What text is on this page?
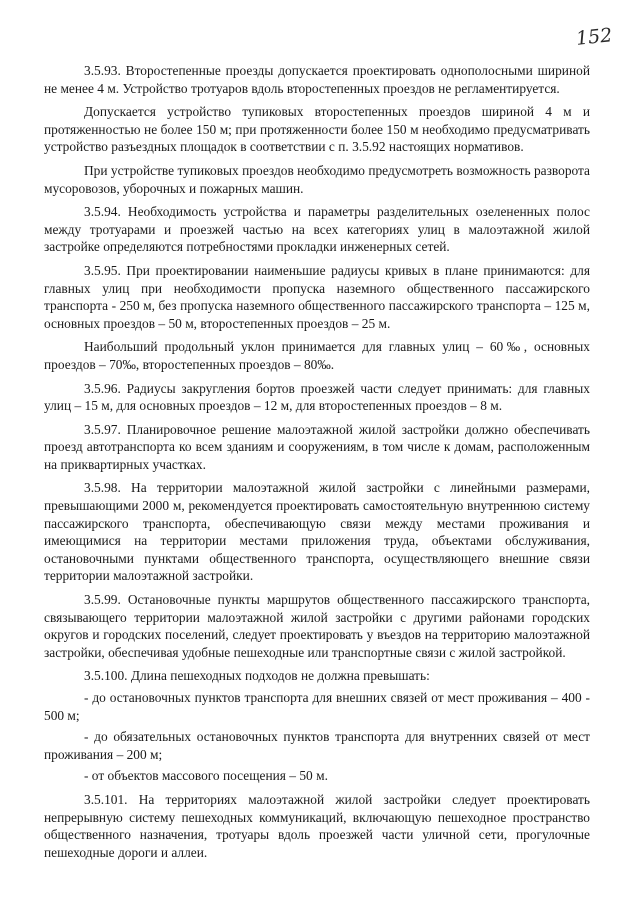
152

3.5.93. Второстепенные проезды допускается проектировать однополосными шириной не менее 4 м. Устройство тротуаров вдоль второстепенных проездов не регламентируется.

Допускается устройство тупиковых второстепенных проездов шириной 4 м и протяженностью не более 150 м; при протяженности более 150 м необходимо предусматривать устройство разъездных площадок в соответствии с п. 3.5.92 настоящих нормативов.

При устройстве тупиковых проездов необходимо предусмотреть возможность разворота мусоровозов, уборочных и пожарных машин.

3.5.94. Необходимость устройства и параметры разделительных озелененных полос между тротуарами и проезжей частью на всех категориях улиц в малоэтажной жилой застройке определяются потребностями прокладки инженерных сетей.

3.5.95. При проектировании наименьшие радиусы кривых в плане принимаются: для главных улиц при необходимости пропуска наземного общественного пассажирского транспорта - 250 м, без пропуска наземного общественного пассажирского транспорта – 125 м, основных проездов – 50 м, второстепенных проездов – 25 м.

Наибольший продольный уклон принимается для главных улиц – 60‰, основных проездов – 70‰, второстепенных проездов – 80‰.

3.5.96. Радиусы закругления бортов проезжей части следует принимать: для главных улиц – 15 м, для основных проездов – 12 м, для второстепенных проездов – 8 м.

3.5.97. Планировочное решение малоэтажной жилой застройки должно обеспечивать проезд автотранспорта ко всем зданиям и сооружениям, в том числе к домам, расположенным на приквартирных участках.

3.5.98. На территории малоэтажной жилой застройки с линейными размерами, превышающими 2000 м, рекомендуется проектировать самостоятельную внутреннюю систему пассажирского транспорта, обеспечивающую связи между местами проживания и имеющимися на территории местами приложения труда, объектами обслуживания, остановочными пунктами общественного транспорта, осуществляющего внешние связи территории малоэтажной застройки.

3.5.99. Остановочные пункты маршрутов общественного пассажирского транспорта, связывающего территории малоэтажной жилой застройки с другими районами городских округов и городских поселений, следует проектировать у въездов на территорию малоэтажной застройки, обеспечивая удобные пешеходные или транспортные связи с жилой застройкой.

3.5.100. Длина пешеходных подходов не должна превышать:

- до остановочных пунктов транспорта для внешних связей от мест проживания – 400 - 500 м;

- до обязательных остановочных пунктов транспорта для внутренних связей от мест проживания – 200 м;

- от объектов массового посещения – 50 м.

3.5.101. На территориях малоэтажной жилой застройки следует проектировать непрерывную систему пешеходных коммуникаций, включающую пешеходное пространство общественного назначения, тротуары вдоль проезжей части уличной сети, прогулочные пешеходные дороги и аллеи.
